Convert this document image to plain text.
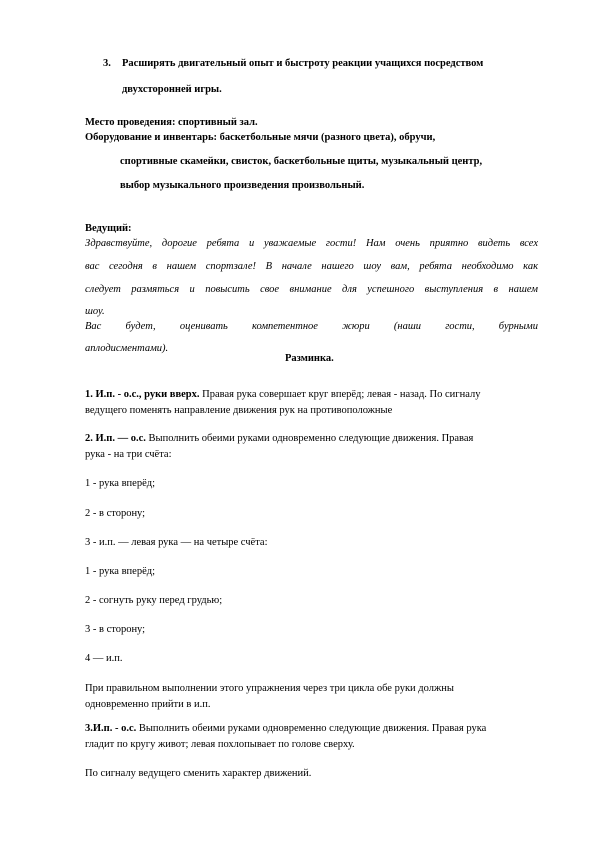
3. Расширять двигательный опыт и быстроту реакции учащихся посредством
двухсторонней игры.
Место проведения: спортивный зал.
Оборудование и инвентарь: баскетбольные мячи (разного цвета), обручи,
спортивные скамейки, свисток, баскетбольные щиты, музыкальный центр,
выбор музыкального произведения произвольный.
Ведущий:
Здравствуйте, дорогие ребята и уважаемые гости! Нам очень приятно видеть всех
вас сегодня в нашем спортзале! В начале нашего шоу вам, ребята необходимо как
следует размяться и повысить свое внимание для успешного выступления в нашем
шоу.
Вас будет, оценивать компетентное жюри (наши гости, бурными
аплодисментами).
Разминка.
1. И.п. - о.с., руки вверх. Правая рука совершает круг вперёд; левая - назад. По сигналу
ведущего поменять направление движения рук на противоположные
2. И.п. — о.с. Выполнить обеими руками одновременно следующие движения. Правая
рука - на три счёта:
1 - рука вперёд;
2 - в сторону;
3 - и.п. — левая рука — на четыре счёта:
1 - рука вперёд;
2 - согнуть руку перед грудью;
3 - в сторону;
4 — и.п.
При правильном выполнении этого упражнения через три цикла обе руки должны
одновременно прийти в и.п.
3.И.п. - о.с. Выполнить обеими руками одновременно следующие движения. Правая рука
гладит по кругу живот; левая похлопывает по голове сверху.
По сигналу ведущего сменить характер движений.
